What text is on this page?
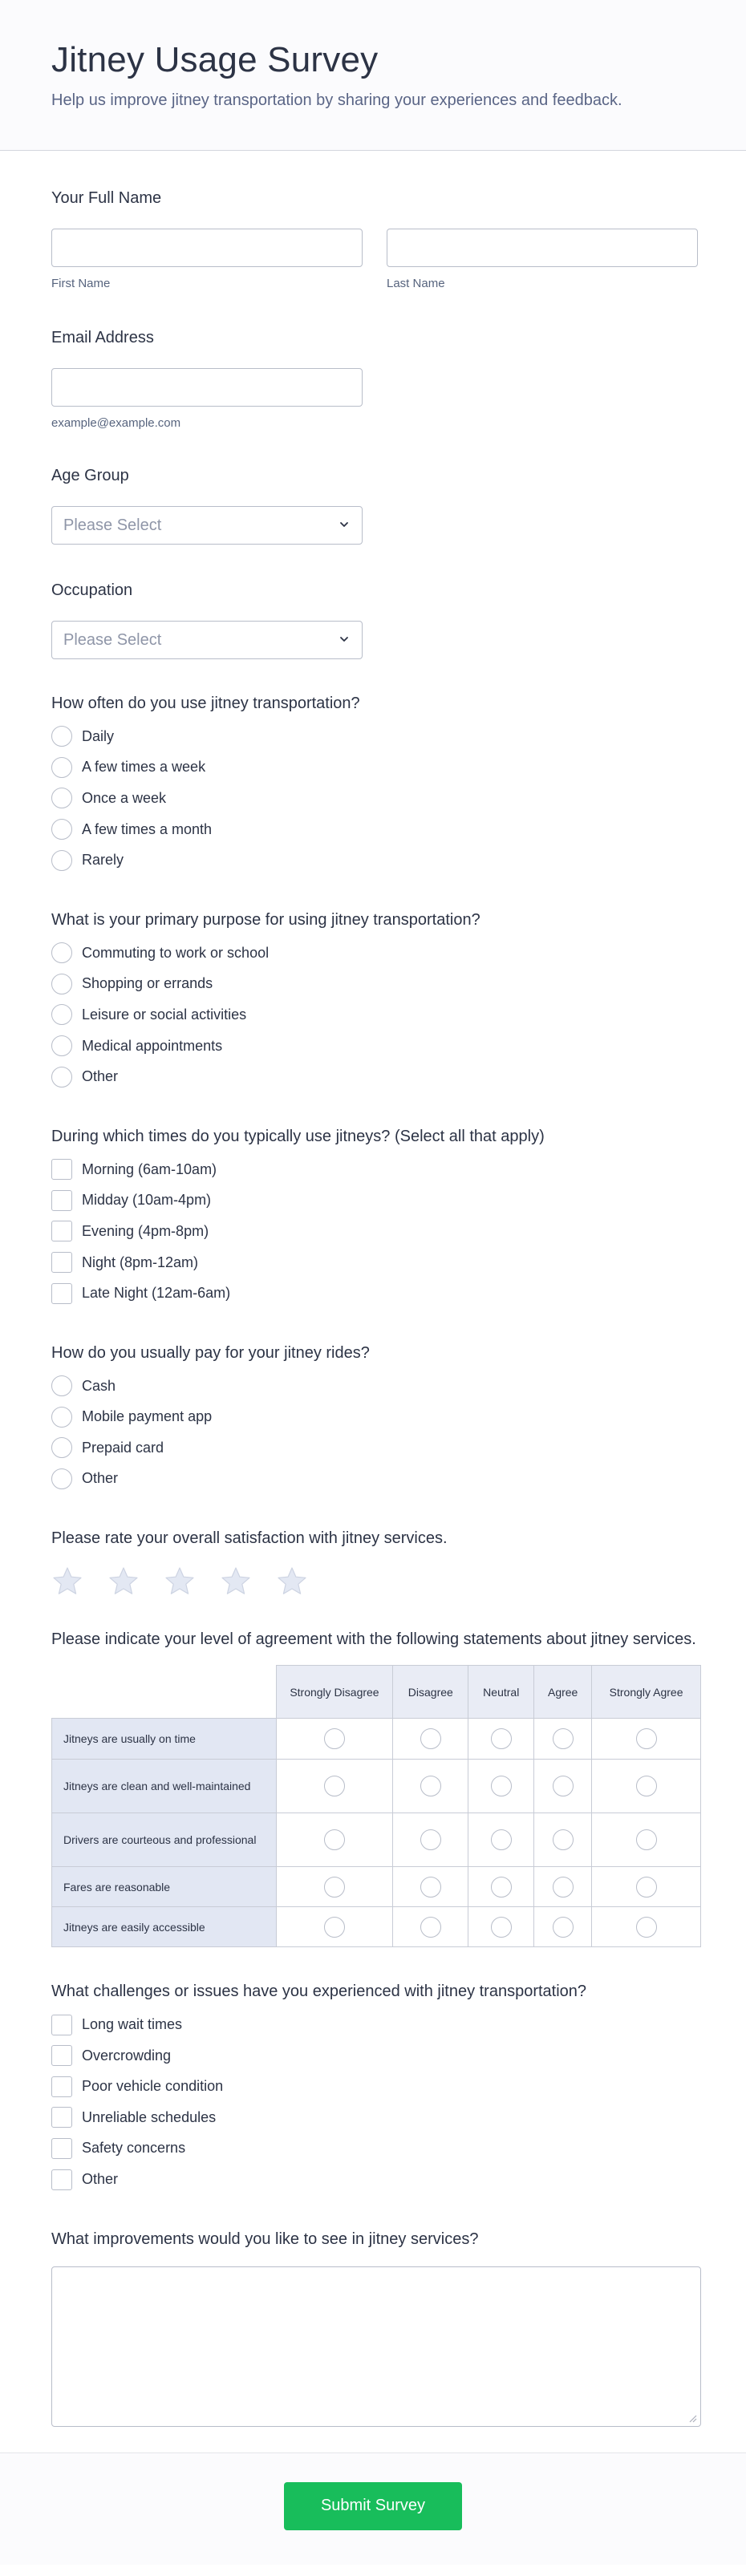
Jitney Usage Survey

Help us improve jitney transportation by sharing your experiences and feedback.

Your Full Name
First Name	Last Name
Email Address
example@example.com
Age Group
Please Select
Occupation
Please Select
How often do you use jitney transportation?
Daily
A few times a week
Once a week
A few times a month
Rarely
What is your primary purpose for using jitney transportation?
Commuting to work or school
Shopping or errands
Leisure or social activities
Medical appointments
Other
During which times do you typically use jitneys? (Select all that apply)
Morning (6am-10am)
Midday (10am-4pm)
Evening (4pm-8pm)
Night (8pm-12am)
Late Night (12am-6am)
How do you usually pay for your jitney rides?
Cash
Mobile payment app
Prepaid card
Other
Please rate your overall satisfaction with jitney services.
Please indicate your level of agreement with the following statements about jitney services.
	Strongly Disagree	Disagree	Neutral	Agree	Strongly Agree
Jitneys are usually on time					
Jitneys are clean and well-maintained					
Drivers are courteous and professional					
Fares are reasonable					
Jitneys are easily accessible					
What challenges or issues have you experienced with jitney transportation?
Long wait times
Overcrowding
Poor vehicle condition
Unreliable schedules
Safety concerns
Other
What improvements would you like to see in jitney services?
Submit Survey
